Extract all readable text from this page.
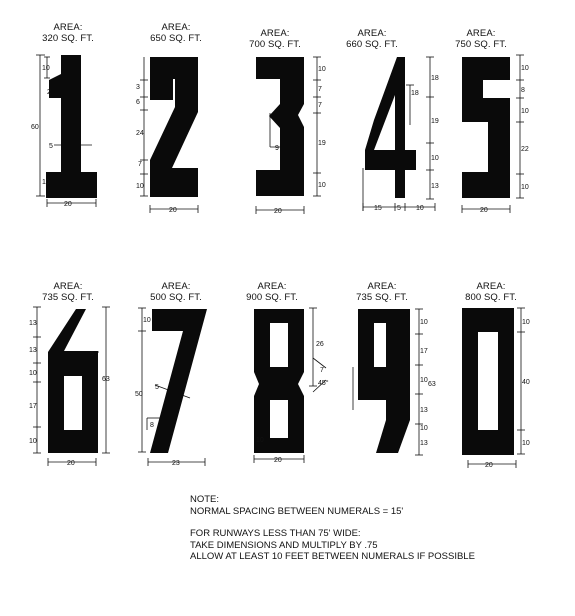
AREA:
320 SQ. FT.
AREA:
650 SQ. FT.	AREA:
700 SQ. FT.
AREA:
660 SQ. FT.
AREA:
750 SQ. FT.
AREA:
735 SQ. FT.
AREA:
500 SQ. FT.
AREA:
900 SQ. FT.
AREA:
735 SQ. FT.
AREA:
800 SQ. FT.
10
2
60
5
10
20
3
6
24
7
10
20
10
7
7
9
19
10
20
18
18
19
10
13
15 5 10
10
8
10
22
10
20
13
13
10
5
17
10
63
20
10
5
50
8
23
26
7
45°
10
20
10
17
10
63
13
10
13
10
40
10
20
NOTE:
NORMAL SPACING BETWEEN NUMERALS = 15'
FOR RUNWAYS LESS THAN 75' WIDE:
TAKE DIMENSIONS AND MULTIPLY BY .75
ALLOW AT LEAST 10 FEET BETWEEN NUMERALS IF POSSIBLE
